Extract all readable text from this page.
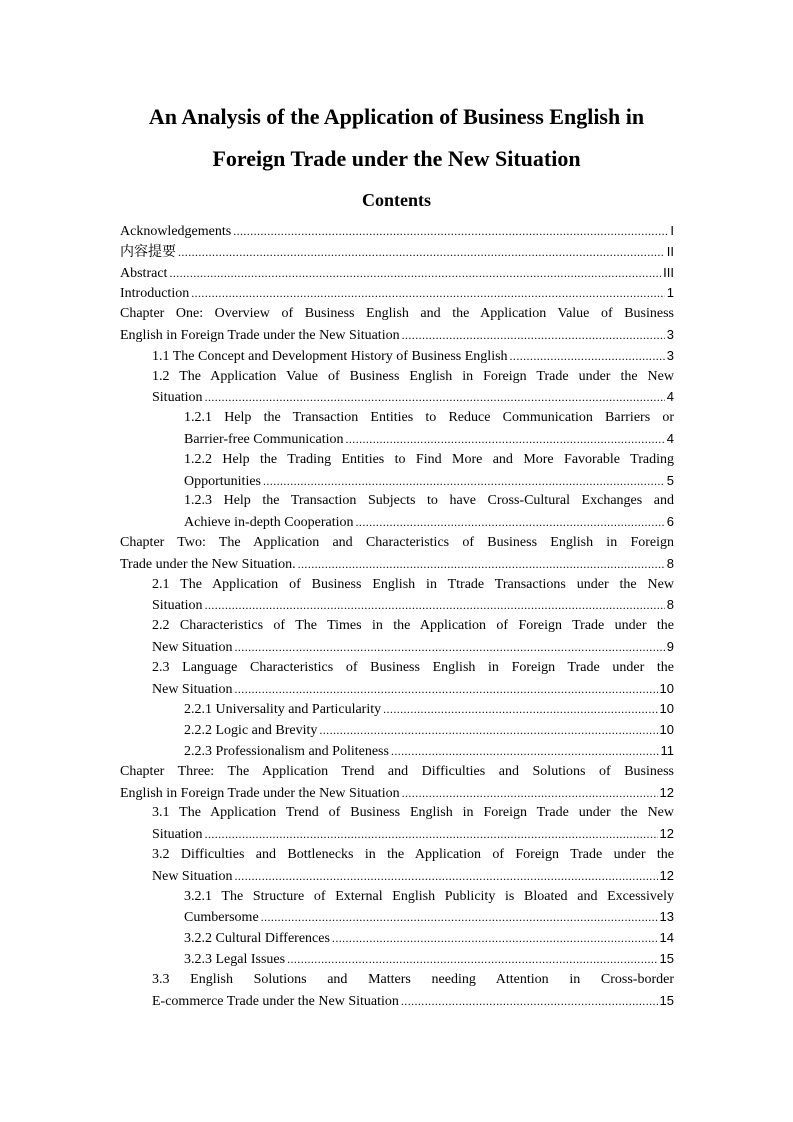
An Analysis of the Application of Business English in
Foreign Trade under the New Situation
Contents
Acknowledgements .....	I
内容提要 .....	II
Abstract .....	III
Introduction .....	1
Chapter One: Overview of Business English and the Application Value of Business
English in Foreign Trade under the New Situation .....	3
1.1 The Concept and Development History of Business English .....	3
1.2 The Application Value of Business English in Foreign Trade under the New
Situation .....	4
1.2.1 Help the Transaction Entities to Reduce Communication Barriers or
Barrier-free Communication .....	4
1.2.2 Help the Trading Entities to Find More and More Favorable Trading
Opportunities .....	5
1.2.3 Help the Transaction Subjects to have Cross-Cultural Exchanges and
Achieve in-depth Cooperation .....	6
Chapter Two: The Application and Characteristics of Business English in Foreign
Trade under the New Situation. .....	8
2.1 The Application of Business English in Ttrade Transactions under the New
Situation .....	8
2.2 Characteristics of The Times in the Application of Foreign Trade under the
New Situation .....	9
2.3 Language Characteristics of Business English in Foreign Trade under the
New Situation .....	10
2.2.1 Universality and Particularity .....	10
2.2.2 Logic and Brevity .....	10
2.2.3 Professionalism and Politeness .....	11
Chapter Three: The Application Trend and Difficulties and Solutions of Business
English in Foreign Trade under the New Situation .....	12
3.1 The Application Trend of Business English in Foreign Trade under the New
Situation .....	12
3.2 Difficulties and Bottlenecks in the Application of Foreign Trade under the
New Situation .....	12
3.2.1 The Structure of External English Publicity is Bloated and Excessively
Cumbersome .....	13
3.2.2 Cultural Differences .....	14
3.2.3 Legal Issues .....	15
3.3 English Solutions and Matters needing Attention in Cross-border
E-commerce Trade under the New Situation .....	15
